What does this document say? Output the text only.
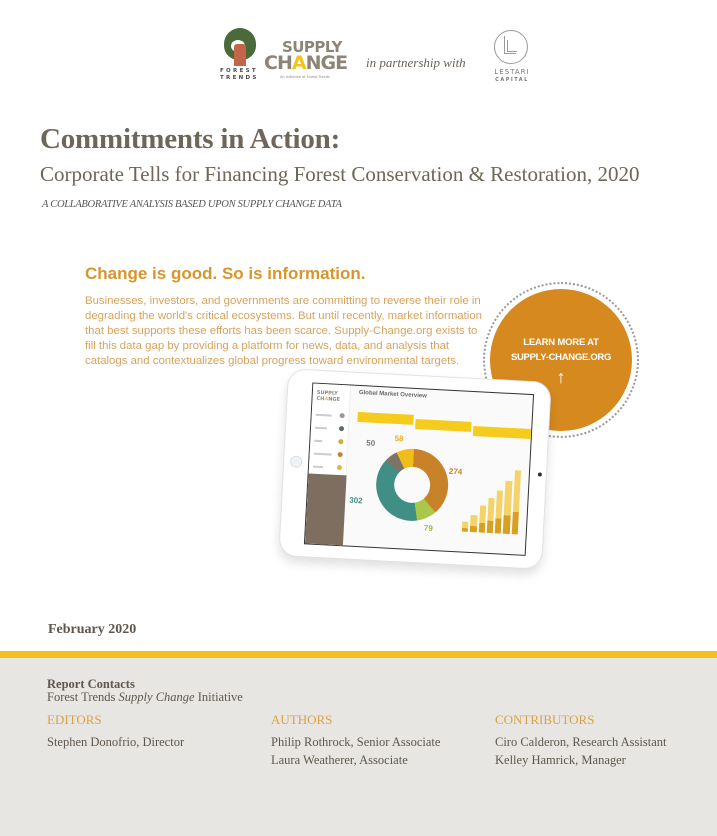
FOREST
TRENDS
SUPPLY
CHANGE
An Initiative of Forest Trends
in partnership with
LESTARI
CAPITAL
Commitments in Action:
Corporate Tells for Financing Forest Conservation & Restoration, 2020
A COLLABORATIVE ANALYSIS BASED UPON SUPPLY CHANGE DATA
Change is good. So is information.
Businesses, investors, and governments are committing to reverse their role in degrading the world's critical ecosystems. But until recently, market information that best supports these efforts has been scarce. Supply-Change.org exists to fill this data gap by providing a platform for news, data, and analysis that catalogs and contextualizes global progress toward environmental targets.
LEARN MORE AT
SUPPLY-CHANGE.ORG
↑
SUPPLY
CHANGE
Global Market Overview
50 58
274
302
79
February 2020
Report Contacts
Forest Trends Supply Change Initiative
EDITORS
Stephen Donofrio, Director
AUTHORS
Philip Rothrock, Senior Associate
Laura Weatherer, Associate
CONTRIBUTORS
Ciro Calderon, Research Assistant
Kelley Hamrick, Manager
